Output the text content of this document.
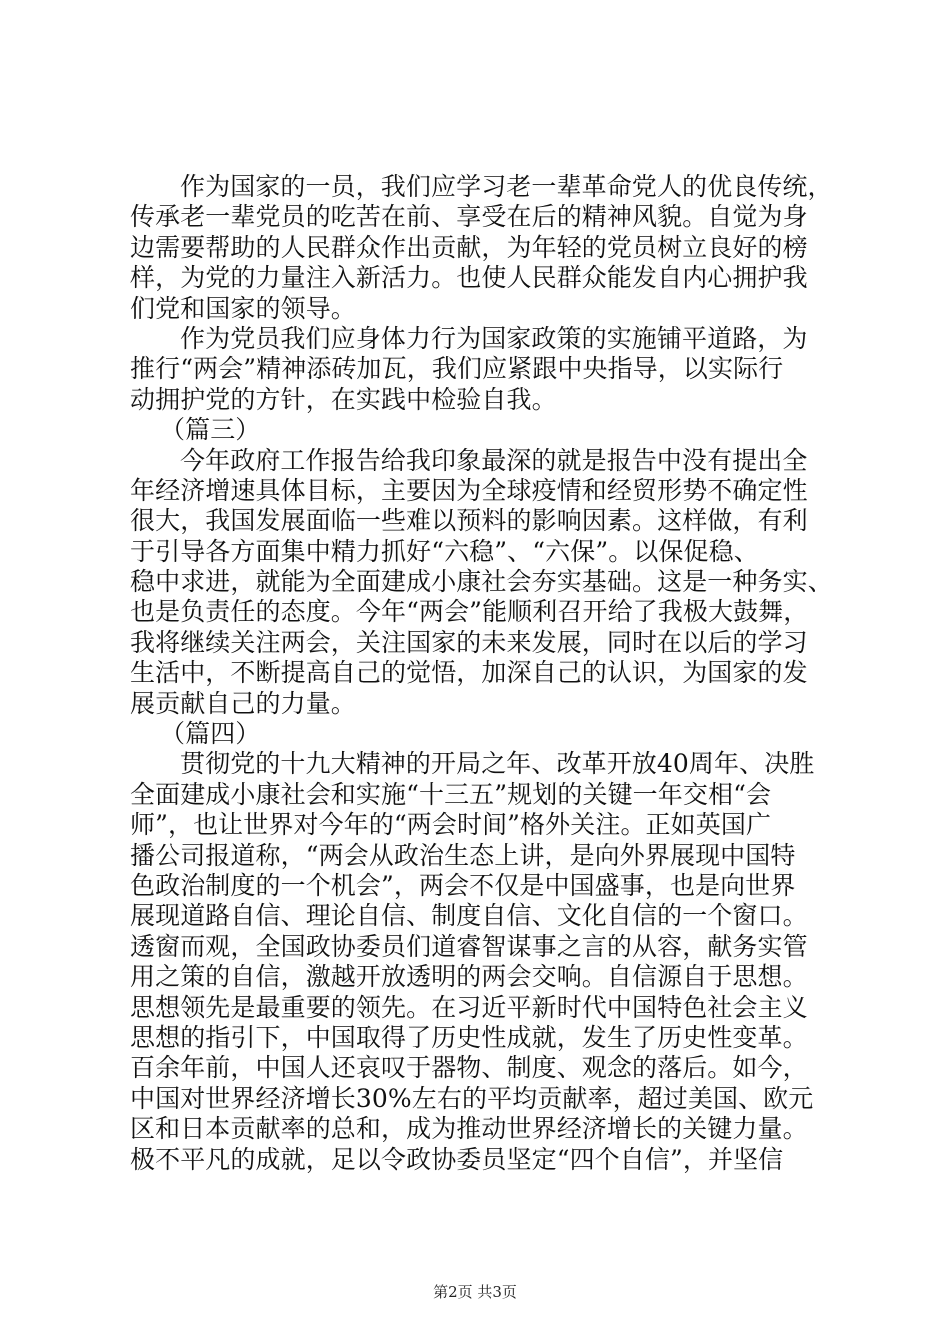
作为国家的一员，我们应学习老一辈革命党人的优良传统，
传承老一辈党员的吃苦在前、享受在后的精神风貌。自觉为身
边需要帮助的人民群众作出贡献，为年轻的党员树立良好的榜
样，为党的力量注入新活力。也使人民群众能发自内心拥护我
们党和国家的领导。
作为党员我们应身体力行为国家政策的实施铺平道路，为
推行“两会”精神添砖加瓦，我们应紧跟中央指导，以实际行
动拥护党的方针，在实践中检验自我。
（篇三）
今年政府工作报告给我印象最深的就是报告中没有提出全
年经济增速具体目标，主要因为全球疫情和经贸形势不确定性
很大，我国发展面临一些难以预料的影响因素。这样做，有利
于引导各方面集中精力抓好“六稳”、“六保”。以保促稳、
稳中求进，就能为全面建成小康社会夯实基础。这是一种务实、
也是负责任的态度。今年“两会”能顺利召开给了我极大鼓舞，
我将继续关注两会，关注国家的未来发展，同时在以后的学习
生活中，不断提高自己的觉悟，加深自己的认识，为国家的发
展贡献自己的力量。
（篇四）
贯彻党的十九大精神的开局之年、改革开放40周年、决胜
全面建成小康社会和实施“十三五”规划的关键一年交相“会
师”，也让世界对今年的“两会时间”格外关注。正如英国广
播公司报道称，“两会从政治生态上讲，是向外界展现中国特
色政治制度的一个机会”，两会不仅是中国盛事，也是向世界
展现道路自信、理论自信、制度自信、文化自信的一个窗口。
透窗而观，全国政协委员们道睿智谋事之言的从容，献务实管
用之策的自信，激越开放透明的两会交响。自信源自于思想。
思想领先是最重要的领先。在习近平新时代中国特色社会主义
思想的指引下，中国取得了历史性成就，发生了历史性变革。
百余年前，中国人还哀叹于器物、制度、观念的落后。如今，
中国对世界经济增长30%左右的平均贡献率，超过美国、欧元
区和日本贡献率的总和，成为推动世界经济增长的关键力量。
极不平凡的成就，足以令政协委员坚定“四个自信”，并坚信
第2页 共3页
